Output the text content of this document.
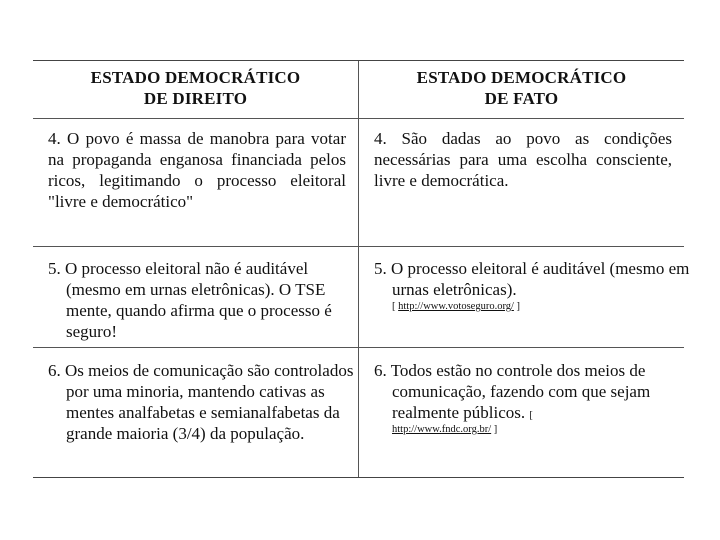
ESTADO DEMOCRÁTICO
DE DIREITO
ESTADO DEMOCRÁTICO
DE FATO
4. O povo é massa de manobra para votar na propaganda enganosa financiada pelos ricos, legitimando o processo eleitoral "livre e democrático"
4. São dadas ao povo as condições necessárias para uma escolha consciente, livre e democrática.
5. O processo eleitoral não é auditável (mesmo em urnas eletrônicas). O TSE mente, quando afirma que o processo é seguro!
5. O processo eleitoral é auditável (mesmo em urnas eletrônicas).
[ http://www.votoseguro.org/ ]
6. Os meios de comunicação são controlados por uma minoria, mantendo cativas as mentes analfabetas e semianalfabetas da grande maioria (3/4) da população.
6. Todos estão no controle dos meios de comunicação, fazendo com que sejam realmente públicos. [
http://www.fndc.org.br/ ]
